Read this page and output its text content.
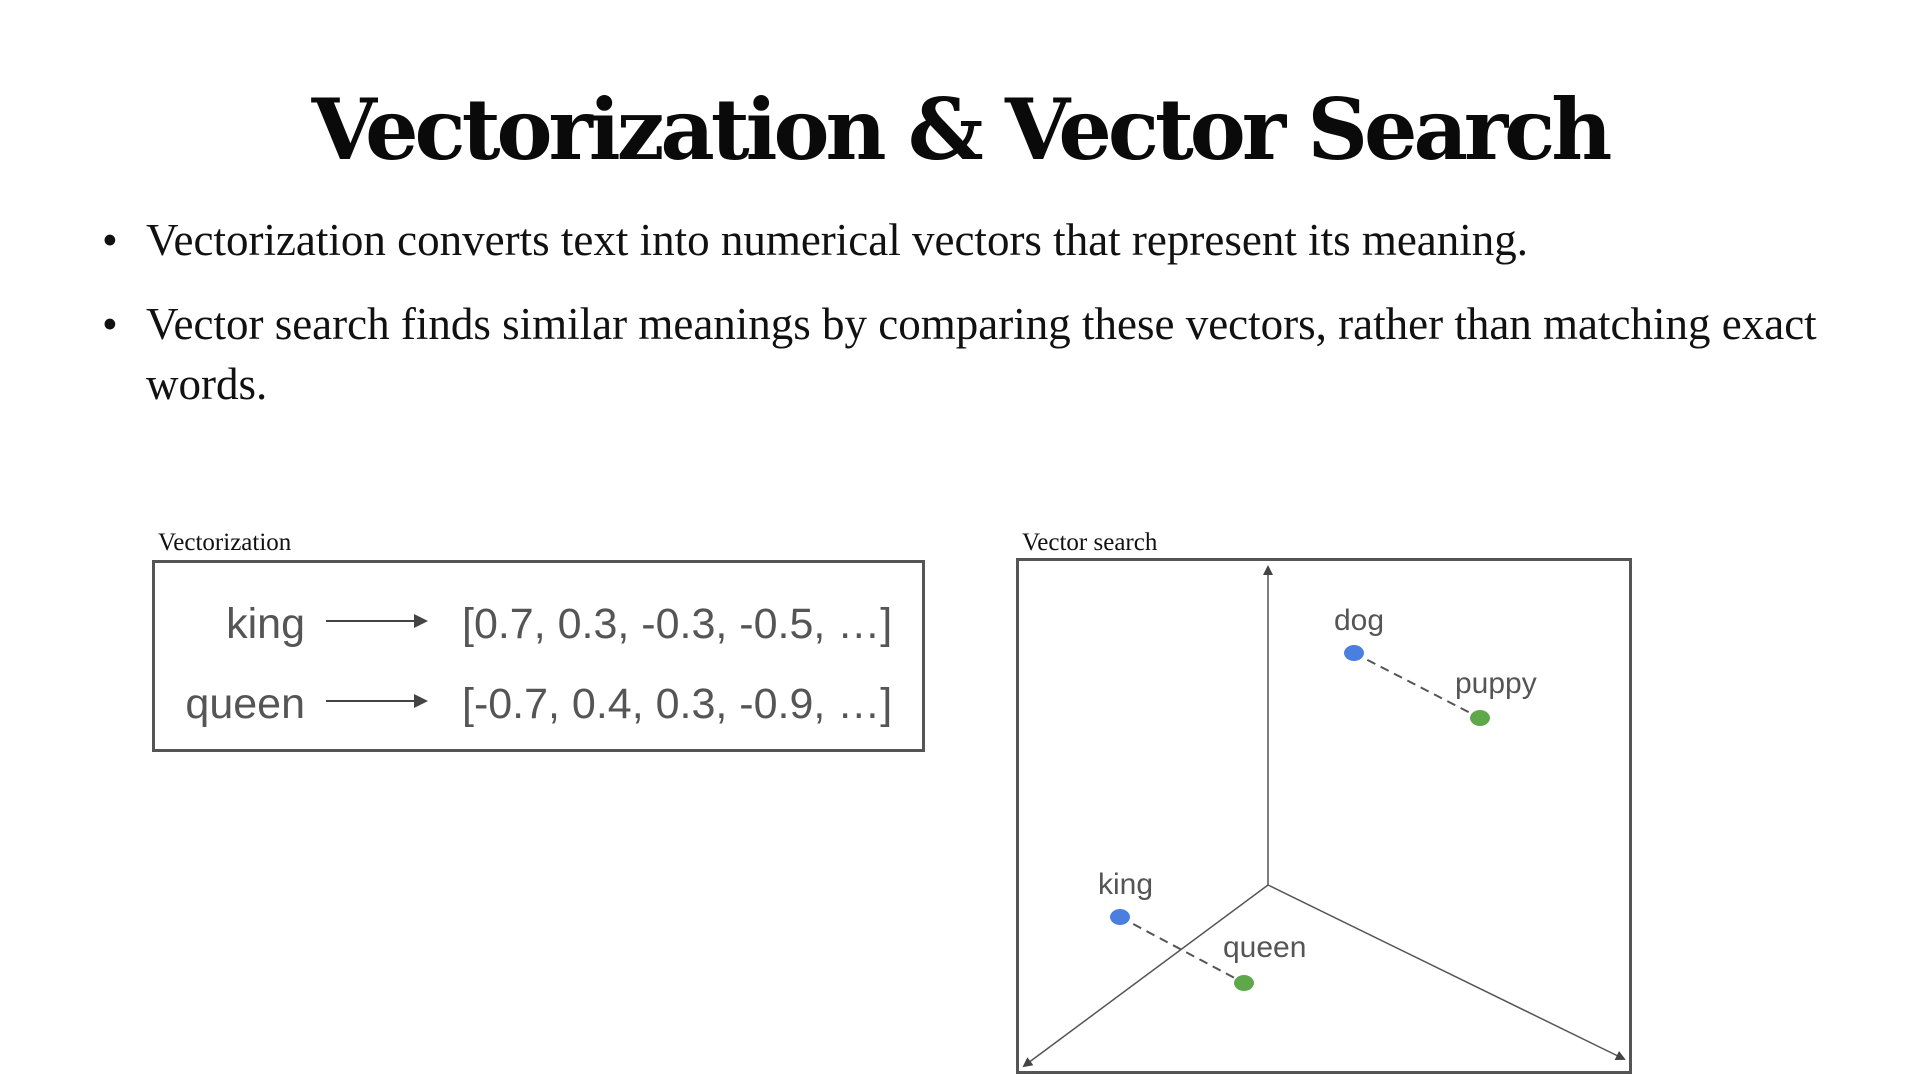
Vectorization & Vector Search
• Vectorization converts text into numerical vectors that represent its meaning.
• Vector search finds similar meanings by comparing these vectors, rather than matching exact words.
Vectorization
king	[0.7, 0.3, -0.3, -0.5, …]
queen	[-0.7, 0.4, 0.3, -0.9, …]
Vector search
dog
puppy
king
queen
